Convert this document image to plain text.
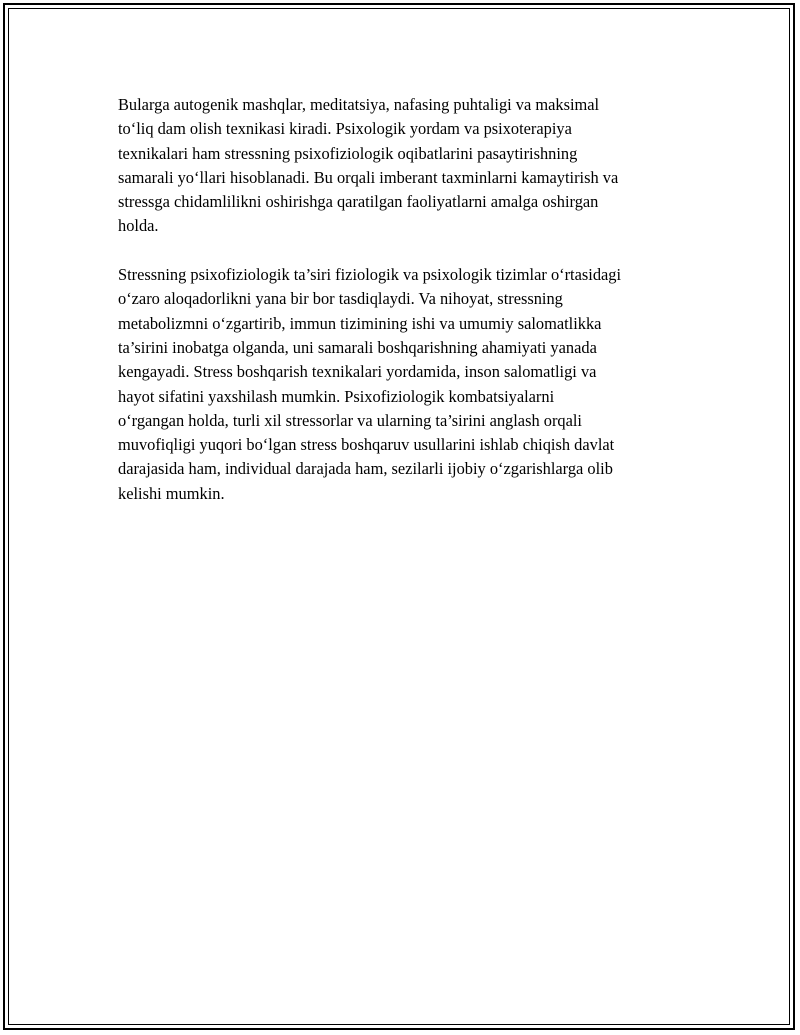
Bularga autogenik mashqlar, meditatsiya, nafasing puhtaligi va maksimal
to‘liq dam olish texnikasi kiradi. Psixologik yordam va psixoterapiya
texnikalari ham stressning psixofiziologik oqibatlarini pasaytirishning
samarali yo‘llari hisoblanadi. Bu orqali imberant taxminlarni kamaytirish va
stressga chidamlilikni oshirishga qaratilgan faoliyatlarni amalga oshirgan
holda.

Stressning psixofiziologik ta’siri fiziologik va psixologik tizimlar o‘rtasidagi
o‘zaro aloqadorlikni yana bir bor tasdiqlaydi. Va nihoyat, stressning
metabolizmni o‘zgartirib, immun tizimining ishi va umumiy salomatlikka
ta’sirini inobatga olganda, uni samarali boshqarishning ahamiyati yanada
kengayadi. Stress boshqarish texnikalari yordamida, inson salomatligi va
hayot sifatini yaxshilash mumkin. Psixofiziologik kombatsiyalarni
o‘rgangan holda, turli xil stressorlar va ularning ta’sirini anglash orqali
muvofiqligi yuqori bo‘lgan stress boshqaruv usullarini ishlab chiqish davlat
darajasida ham, individual darajada ham, sezilarli ijobiy o‘zgarishlarga olib
kelishi mumkin.
